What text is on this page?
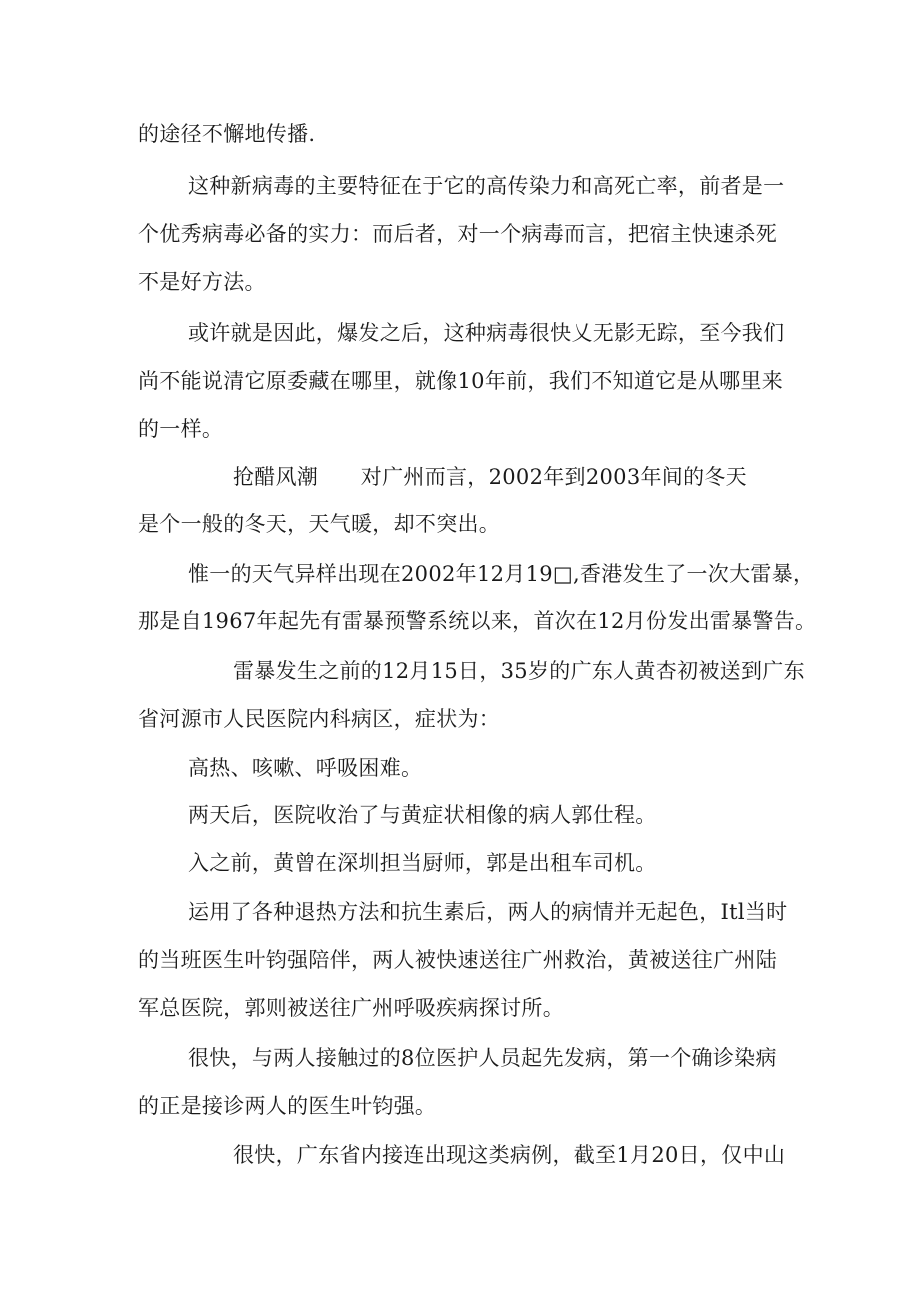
的途径不懈地传播.

这种新病毒的主要特征在于它的高传染力和高死亡率，前者是一

个优秀病毒必备的实力：而后者，对一个病毒而言，把宿主快速杀死

不是好方法。

或许就是因此，爆发之后，这种病毒很快乂无影无踪，至今我们

尚不能说清它原委藏在哪里，就像10年前，我们不知道它是从哪里来

的一样。

抢醋风潮　　对广州而言，2002年到2003年间的冬天

是个一般的冬天，天气暖，却不突出。

惟一的天气异样出现在2002年12月19□,香港发生了一次大雷暴，

那是自1967年起先有雷暴预警系统以来，首次在12月份发出雷暴警告。

雷暴发生之前的12月15日，35岁的广东人黄杏初被送到广东

省河源市人民医院内科病区，症状为：

高热、咳嗽、呼吸困难。

两天后，医院收治了与黄症状相像的病人郭仕程。

入之前，黄曾在深圳担当厨师，郭是出租车司机。

运用了各种退热方法和抗生素后，两人的病情并无起色，Itl当时

的当班医生叶钧强陪伴，两人被快速送往广州救治，黄被送往广州陆

军总医院，郭则被送往广州呼吸疾病探讨所。

很快，与两人接触过的8位医护人员起先发病，第一个确诊染病

的正是接诊两人的医生叶钧强。

很快，广东省内接连出现这类病例，截至1月20日，仅中山
